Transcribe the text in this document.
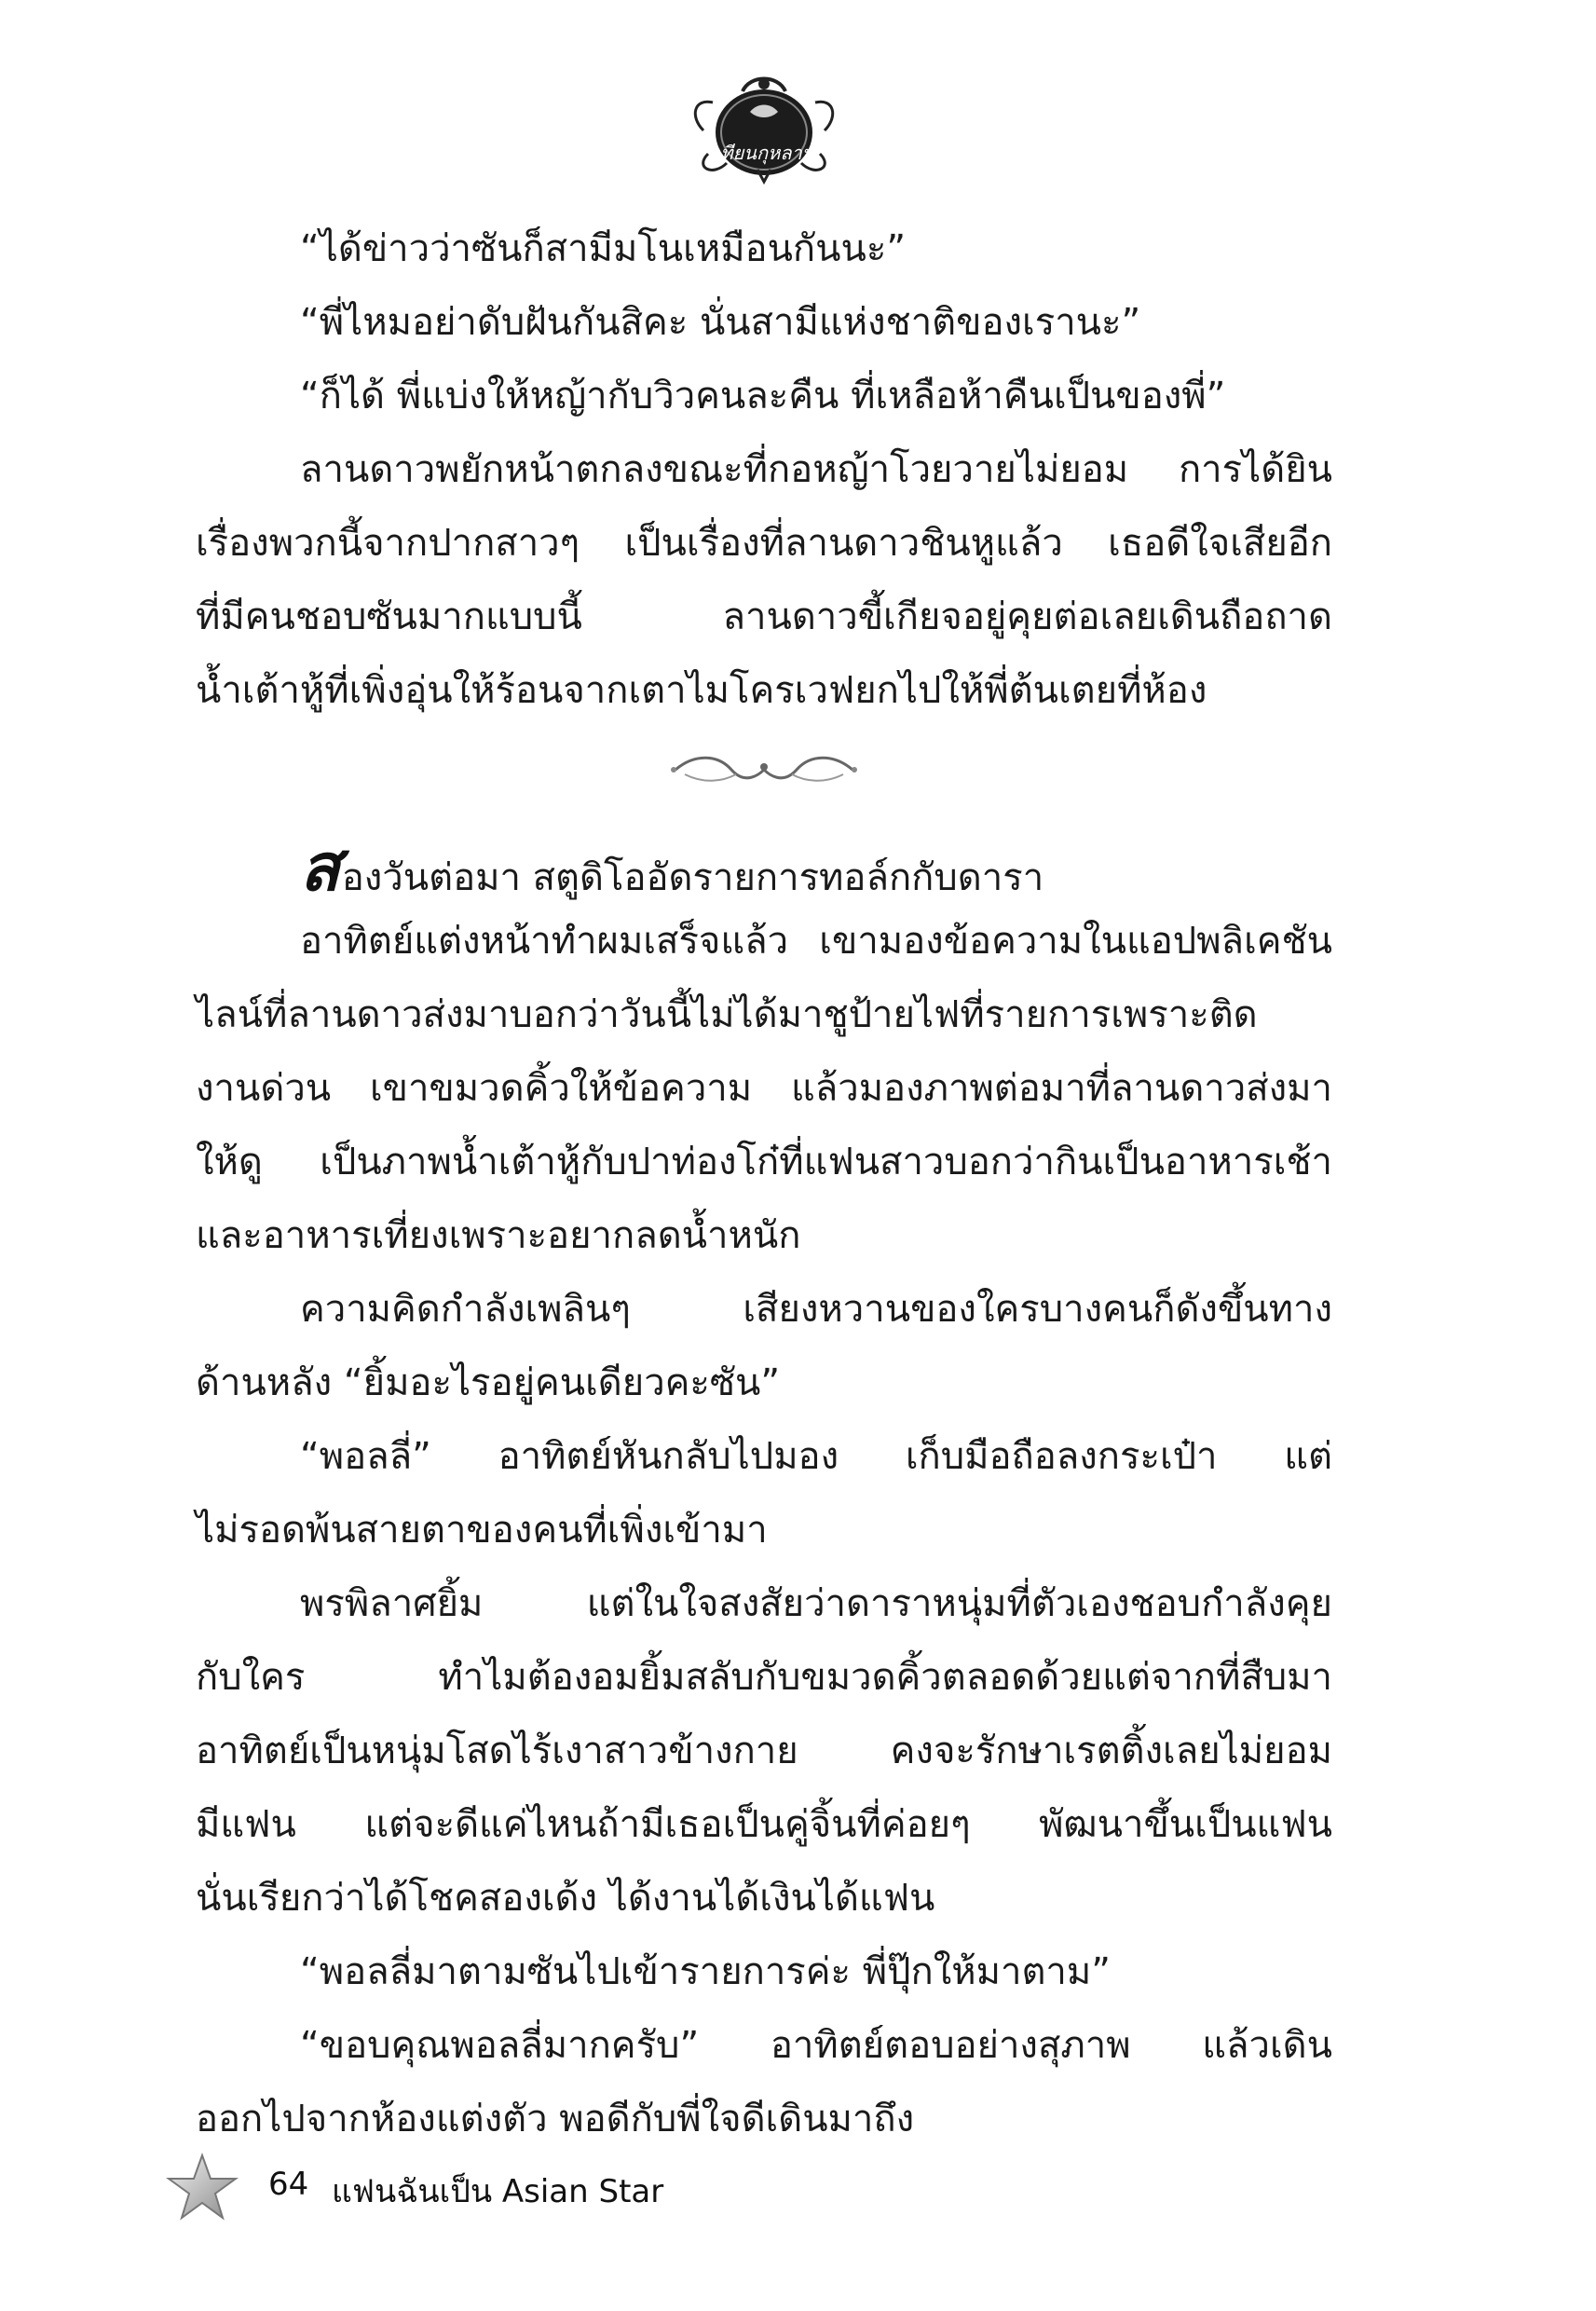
เทียนกุหลาบ
“ได้ข่าวว่าซันก็สามีมโนเหมือนกันนะ”
“พี่ไหมอย่าดับฝันกันสิคะ นั่นสามีแห่งชาติของเรานะ”
“ก็ได้ พี่แบ่งให้หญ้ากับวิวคนละคืน ที่เหลือห้าคืนเป็นของพี่”
ลานดาวพยักหน้าตกลงขณะที่กอหญ้าโวยวายไม่ยอม การได้ยิน
เรื่องพวกนี้จากปากสาวๆ เป็นเรื่องที่ลานดาวชินหูแล้ว เธอดีใจเสียอีก
ที่มีคนชอบซันมากแบบนี้ ลานดาวขี้เกียจอยู่คุยต่อเลยเดินถือถาด
น้ำเต้าหู้ที่เพิ่งอุ่นให้ร้อนจากเตาไมโครเวฟยกไปให้พี่ต้นเตยที่ห้อง
สองวันต่อมา สตูดิโออัดรายการทอล์กกับดารา
อาทิตย์แต่งหน้าทำผมเสร็จแล้ว เขามองข้อความในแอปพลิเคชัน
ไลน์ที่ลานดาวส่งมาบอกว่าวันนี้ไม่ได้มาชูป้ายไฟที่รายการเพราะติด
งานด่วน เขาขมวดคิ้วให้ข้อความ แล้วมองภาพต่อมาที่ลานดาวส่งมา
ให้ดู เป็นภาพน้ำเต้าหู้กับปาท่องโก๋ที่แฟนสาวบอกว่ากินเป็นอาหารเช้า
และอาหารเที่ยงเพราะอยากลดน้ำหนัก
ความคิดกำลังเพลินๆ เสียงหวานของใครบางคนก็ดังขึ้นทาง
ด้านหลัง “ยิ้มอะไรอยู่คนเดียวคะซัน”
“พอลลี่” อาทิตย์หันกลับไปมอง เก็บมือถือลงกระเป๋า แต่
ไม่รอดพ้นสายตาของคนที่เพิ่งเข้ามา
พรพิลาศยิ้ม แต่ในใจสงสัยว่าดาราหนุ่มที่ตัวเองชอบกำลังคุย
กับใคร ทำไมต้องอมยิ้มสลับกับขมวดคิ้วตลอดด้วยแต่จากที่สืบมา
อาทิตย์เป็นหนุ่มโสดไร้เงาสาวข้างกาย คงจะรักษาเรตติ้งเลยไม่ยอม
มีแฟน แต่จะดีแค่ไหนถ้ามีเธอเป็นคู่จิ้นที่ค่อยๆ พัฒนาขึ้นเป็นแฟน
นั่นเรียกว่าได้โชคสองเด้ง ได้งานได้เงินได้แฟน
“พอลลี่มาตามซันไปเข้ารายการค่ะ พี่ปุ๊กให้มาตาม”
“ขอบคุณพอลลี่มากครับ” อาทิตย์ตอบอย่างสุภาพ แล้วเดิน
ออกไปจากห้องแต่งตัว พอดีกับพี่ใจดีเดินมาถึง
64 แฟนฉันเป็น Asian Star
